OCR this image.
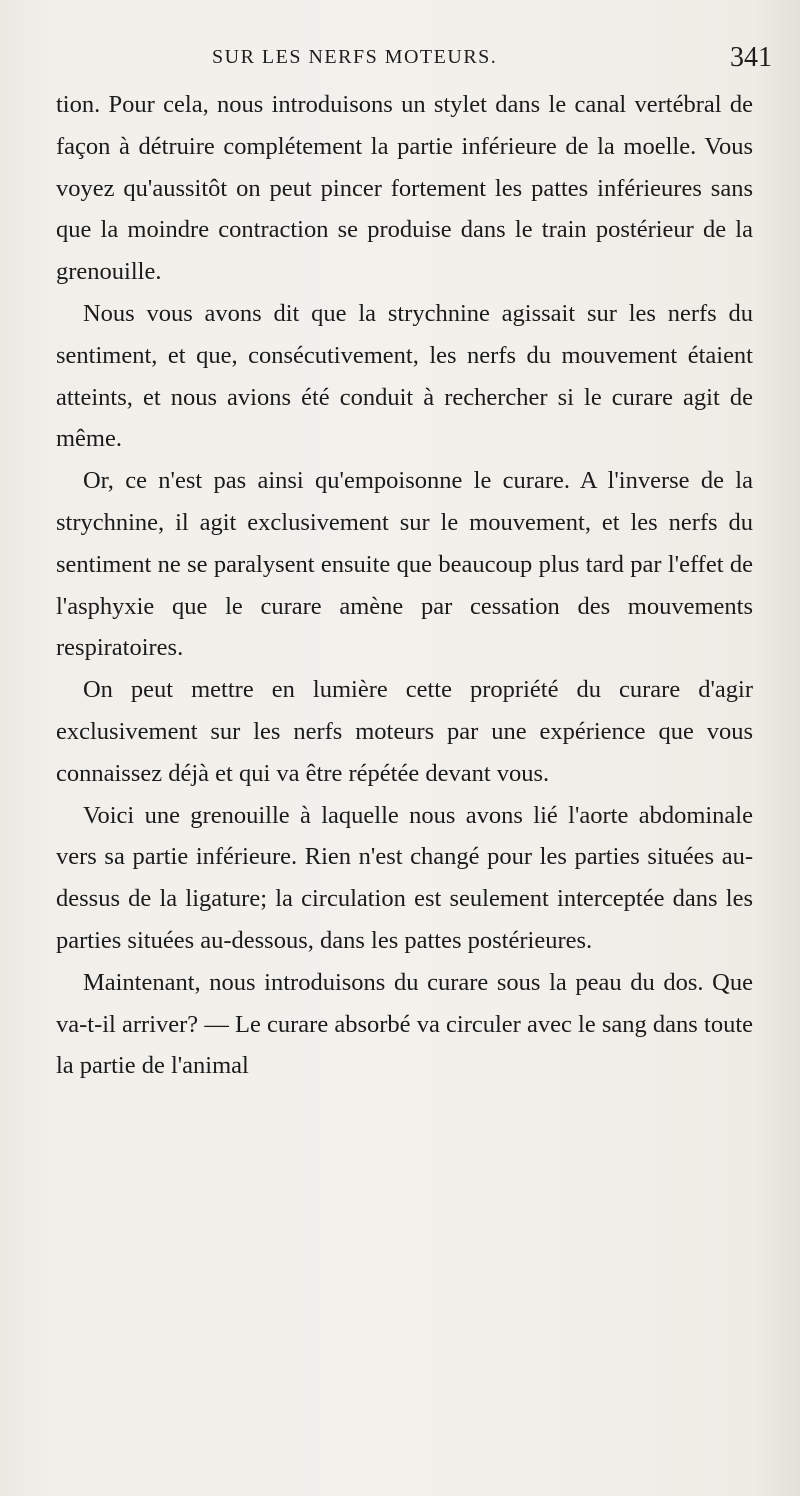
SUR LES NERFS MOTEURS.	341

tion. Pour cela, nous introduisons un stylet dans le canal vertébral de façon à détruire complétement la partie inférieure de la moelle. Vous voyez qu'aussitôt on peut pincer fortement les pattes inférieures sans que la moindre contraction se produise dans le train postérieur de la grenouille.

Nous vous avons dit que la strychnine agissait sur les nerfs du sentiment, et que, consécutivement, les nerfs du mouvement étaient atteints, et nous avions été conduit à rechercher si le curare agit de même.

Or, ce n'est pas ainsi qu'empoisonne le curare. A l'inverse de la strychnine, il agit exclusivement sur le mouvement, et les nerfs du sentiment ne se paralysent ensuite que beaucoup plus tard par l'effet de l'asphyxie que le curare amène par cessation des mouvements respiratoires.

On peut mettre en lumière cette propriété du curare d'agir exclusivement sur les nerfs moteurs par une expérience que vous connaissez déjà et qui va être répétée devant vous.

Voici une grenouille à laquelle nous avons lié l'aorte abdominale vers sa partie inférieure. Rien n'est changé pour les parties situées au-dessus de la ligature; la circulation est seulement interceptée dans les parties situées au-dessous, dans les pattes postérieures.

Maintenant, nous introduisons du curare sous la peau du dos. Que va-t-il arriver? — Le curare absorbé va circuler avec le sang dans toute la partie de l'animal
